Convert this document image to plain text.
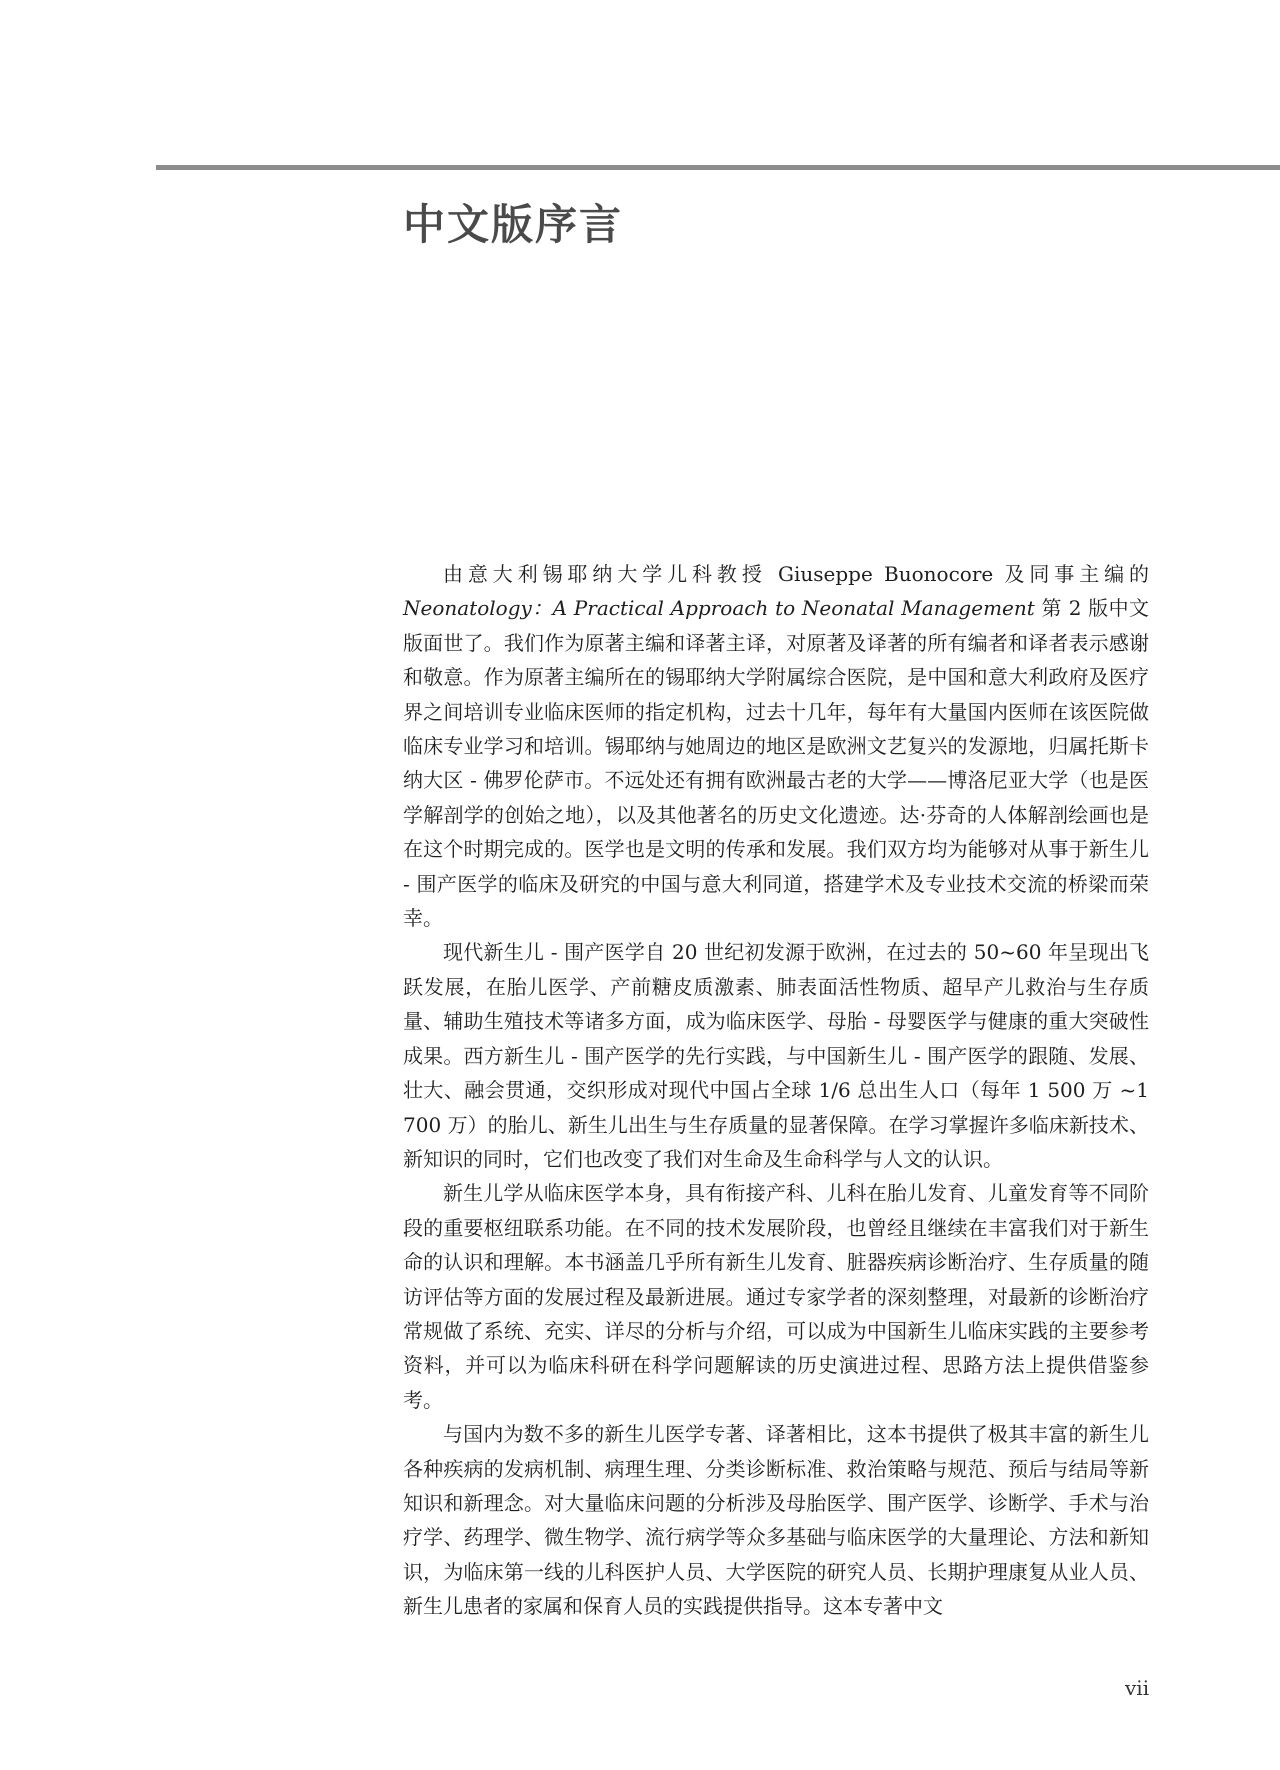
中文版序言

由意大利锡耶纳大学儿科教授 Giuseppe Buonocore 及同事主编的 Neonatology：A Practical Approach to Neonatal Management 第 2 版中文版面世了。我们作为原著主编和译著主译，对原著及译著的所有编者和译者表示感谢和敬意。作为原著主编所在的锡耶纳大学附属综合医院，是中国和意大利政府及医疗界之间培训专业临床医师的指定机构，过去十几年，每年有大量国内医师在该医院做临床专业学习和培训。锡耶纳与她周边的地区是欧洲文艺复兴的发源地，归属托斯卡纳大区 - 佛罗伦萨市。不远处还有拥有欧洲最古老的大学——博洛尼亚大学（也是医学解剖学的创始之地），以及其他著名的历史文化遗迹。达·芬奇的人体解剖绘画也是在这个时期完成的。医学也是文明的传承和发展。我们双方均为能够对从事于新生儿 - 围产医学的临床及研究的中国与意大利同道，搭建学术及专业技术交流的桥梁而荣幸。

现代新生儿 - 围产医学自 20 世纪初发源于欧洲，在过去的 50~60 年呈现出飞跃发展，在胎儿医学、产前糖皮质激素、肺表面活性物质、超早产儿救治与生存质量、辅助生殖技术等诸多方面，成为临床医学、母胎 - 母婴医学与健康的重大突破性成果。西方新生儿 - 围产医学的先行实践，与中国新生儿 - 围产医学的跟随、发展、壮大、融会贯通，交织形成对现代中国占全球 1/6 总出生人口（每年 1 500 万 ~1 700 万）的胎儿、新生儿出生与生存质量的显著保障。在学习掌握许多临床新技术、新知识的同时，它们也改变了我们对生命及生命科学与人文的认识。

新生儿学从临床医学本身，具有衔接产科、儿科在胎儿发育、儿童发育等不同阶段的重要枢纽联系功能。在不同的技术发展阶段，也曾经且继续在丰富我们对于新生命的认识和理解。本书涵盖几乎所有新生儿发育、脏器疾病诊断治疗、生存质量的随访评估等方面的发展过程及最新进展。通过专家学者的深刻整理，对最新的诊断治疗常规做了系统、充实、详尽的分析与介绍，可以成为中国新生儿临床实践的主要参考资料，并可以为临床科研在科学问题解读的历史演进过程、思路方法上提供借鉴参考。

与国内为数不多的新生儿医学专著、译著相比，这本书提供了极其丰富的新生儿各种疾病的发病机制、病理生理、分类诊断标准、救治策略与规范、预后与结局等新知识和新理念。对大量临床问题的分析涉及母胎医学、围产医学、诊断学、手术与治疗学、药理学、微生物学、流行病学等众多基础与临床医学的大量理论、方法和新知识，为临床第一线的儿科医护人员、大学医院的研究人员、长期护理康复从业人员、新生儿患者的家属和保育人员的实践提供指导。这本专著中文

vii
